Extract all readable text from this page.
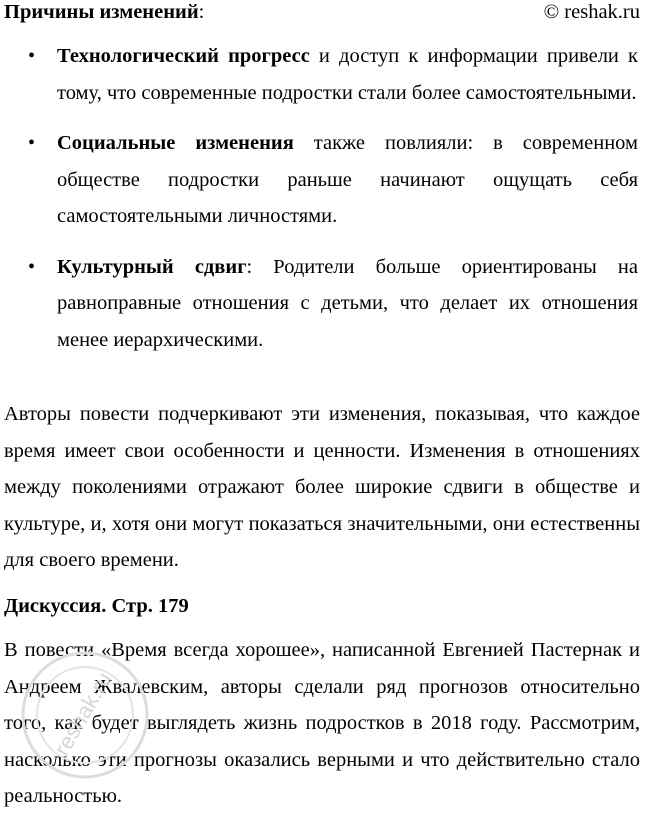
Причины изменений:	© reshak.ru
• Технологический прогресс и доступ к информации привели к тому, что современные подростки стали более самостоятельными.
• Социальные изменения также повлияли: в современном обществе подростки раньше начинают ощущать себя самостоятельными личностями.
• Культурный сдвиг: Родители больше ориентированы на равноправные отношения с детьми, что делает их отношения менее иерархическими.

Авторы повести подчеркивают эти изменения, показывая, что каждое время имеет свои особенности и ценности. Изменения в отношениях между поколениями отражают более широкие сдвиги в обществе и культуре, и, хотя они могут показаться значительными, они естественны для своего времени.

Дискуссия. Стр. 179

В повести «Время всегда хорошее», написанной Евгенией Пастернак и Андреем Жвалевским, авторы сделали ряд прогнозов относительно того, как будет выглядеть жизнь подростков в 2018 году. Рассмотрим, насколько эти прогнозы оказались верными и что действительно стало реальностью.

reshak.ru
